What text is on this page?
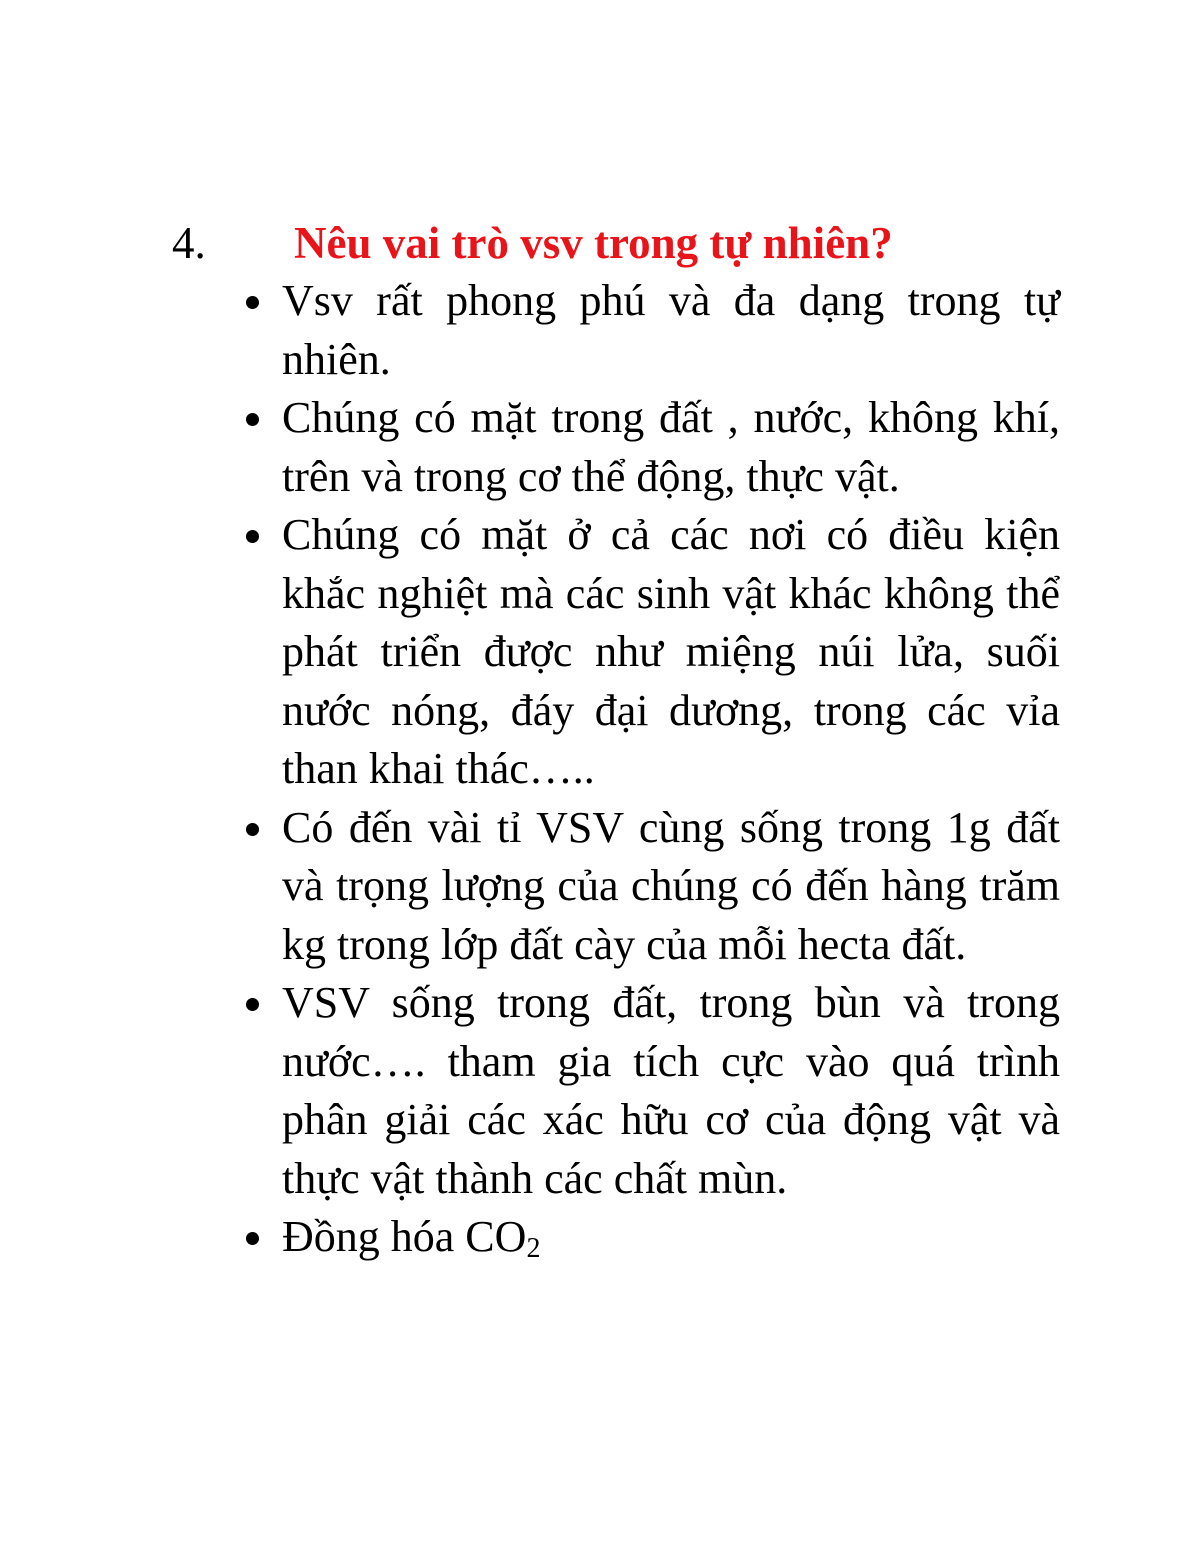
4. Nêu vai trò vsv trong tự nhiên?
Vsv rất phong phú và đa dạng trong tự nhiên.
Chúng có mặt trong đất , nước, không khí, trên và trong cơ thể động, thực vật.
Chúng có mặt ở cả các nơi có điều kiện khắc nghiệt mà các sinh vật khác không thể phát triển được như miệng núi lửa, suối nước nóng, đáy đại dương, trong các vỉa than khai thác…..
Có đến vài tỉ VSV cùng sống trong 1g đất và trọng lượng của chúng có đến hàng trăm kg trong lớp đất cày của mỗi hecta đất.
VSV sống trong đất, trong bùn và trong nước…. tham gia tích cực vào quá trình phân giải các xác hữu cơ của động vật và thực vật thành các chất mùn.
Đồng hóa $CO_2$
